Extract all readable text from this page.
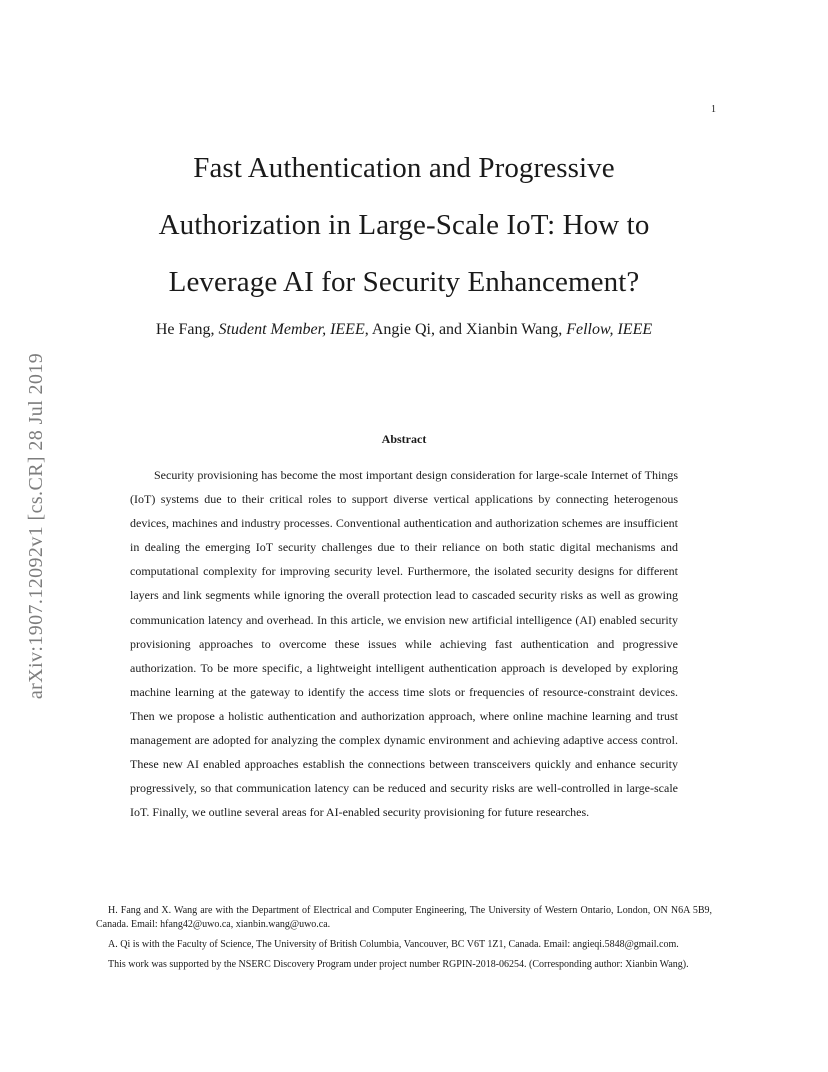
1
arXiv:1907.12092v1 [cs.CR] 28 Jul 2019
Fast Authentication and Progressive
Authorization in Large-Scale IoT: How to
Leverage AI for Security Enhancement?
He Fang, Student Member, IEEE, Angie Qi, and Xianbin Wang, Fellow, IEEE
Abstract

Security provisioning has become the most important design consideration for large-scale Internet of Things (IoT) systems due to their critical roles to support diverse vertical applications by connecting heterogenous devices, machines and industry processes. Conventional authentication and authorization schemes are insufficient in dealing the emerging IoT security challenges due to their reliance on both static digital mechanisms and computational complexity for improving security level. Furthermore, the isolated security designs for different layers and link segments while ignoring the overall protection lead to cascaded security risks as well as growing communication latency and overhead. In this article, we envision new artificial intelligence (AI) enabled security provisioning approaches to overcome these issues while achieving fast authentication and progressive authorization. To be more specific, a lightweight intelligent authentication approach is developed by exploring machine learning at the gateway to identify the access time slots or frequencies of resource-constraint devices. Then we propose a holistic authentication and authorization approach, where online machine learning and trust management are adopted for analyzing the complex dynamic environment and achieving adaptive access control. These new AI enabled approaches establish the connections between transceivers quickly and enhance security progressively, so that communication latency can be reduced and security risks are well-controlled in large-scale IoT. Finally, we outline several areas for AI-enabled security provisioning for future researches.

H. Fang and X. Wang are with the Department of Electrical and Computer Engineering, The University of Western Ontario, London, ON N6A 5B9, Canada. Email: hfang42@uwo.ca, xianbin.wang@uwo.ca.

A. Qi is with the Faculty of Science, The University of British Columbia, Vancouver, BC V6T 1Z1, Canada. Email: angieqi.5848@gmail.com.

This work was supported by the NSERC Discovery Program under project number RGPIN-2018-06254. (Corresponding author: Xianbin Wang).
